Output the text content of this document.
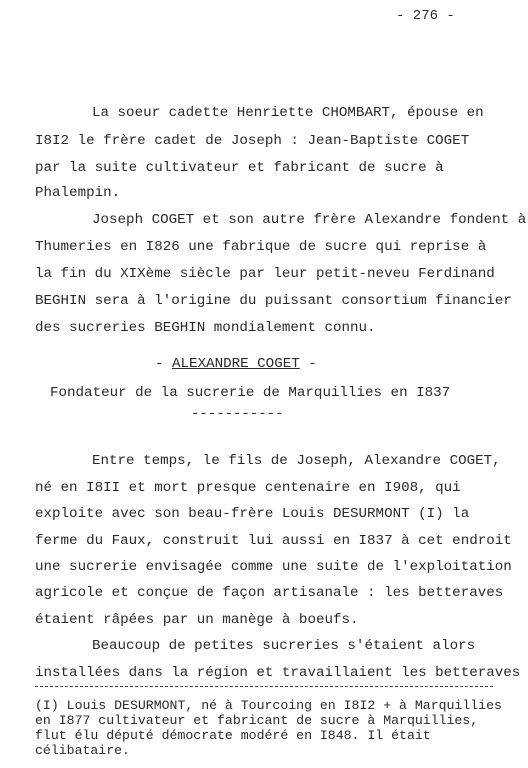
- 276 -
La soeur cadette Henriette CHOMBART, épouse en
I8I2 le frère cadet de Joseph : Jean-Baptiste COGET
par la suite cultivateur et fabricant de sucre à
Phalempin.
Joseph COGET et son autre frère Alexandre fondent à
Thumeries en I826 une fabrique de sucre qui reprise à
la fin du XIXème siècle par leur petit-neveu Ferdinand
BEGHIN sera à l'origine du puissant consortium financier
des sucreries BEGHIN mondialement connu.
- ALEXANDRE COGET -
Fondateur de la sucrerie de Marquillies en I837
-----------
Entre temps, le fils de Joseph, Alexandre COGET,
né en I8II et mort presque centenaire en I908, qui
exploite avec son beau-frère Louis DESURMONT (I) la
ferme du Faux, construit lui aussi en I837 à cet endroit
une sucrerie envisagée comme une suite de l'exploitation
agricole et conçue de façon artisanale : les betteraves
étaient râpées par un manège à boeufs.
Beaucoup de petites sucreries s'étaient alors
installées dans la région et travaillaient les betteraves
(I) Louis DESURMONT, né à Tourcoing en I8I2 + à Marquillies
en I877 cultivateur et fabricant de sucre à Marquillies,
flut élu député démocrate modéré en I848. Il était
célibataire.
